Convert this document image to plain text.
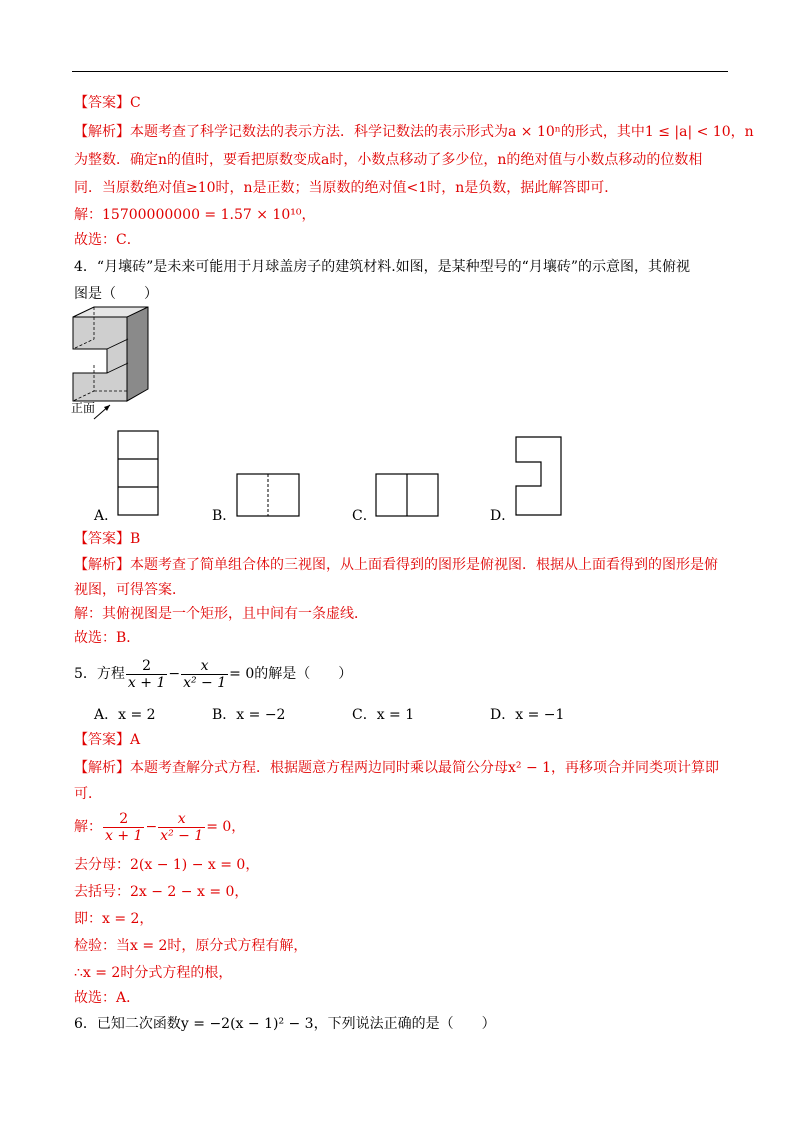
【答案】C
【解析】本题考查了科学记数法的表示方法．科学记数法的表示形式为a × 10ⁿ的形式，其中1 ≤ |a| < 10，n
为整数．确定n的值时，要看把原数变成a时，小数点移动了多少位，n的绝对值与小数点移动的位数相
同．当原数绝对值≥10时，n是正数；当原数的绝对值<1时，n是负数，据此解答即可．
解：15700000000 = 1.57 × 10¹⁰，
故选：C．
4．“月壤砖”是未来可能用于月球盖房子的建筑材料.如图，是某种型号的“月壤砖”的示意图，其俯视
图是（　　）
正面
A．	B．	C．	D．
【答案】B
【解析】本题考查了简单组合体的三视图，从上面看得到的图形是俯视图．根据从上面看得到的图形是俯
视图，可得答案．
解：其俯视图是一个矩形，且中间有一条虚线．
故选：B．
5．方程 $\frac{2}{x + 1} - \frac{x}{\text{x² − 1}} = 0$的解是（　　）
A．x = 2	B．x = −2	C．x = 1	D．x = −1
【答案】A
【解析】本题考查解分式方程．根据题意方程两边同时乘以最简公分母x² − 1，再移项合并同类项计算即
可．
解： $\frac{2}{x + 1} - \frac{x}{\text{x² − 1}} = 0$，
去分母：2(x − 1) − x = 0，
去括号：2x − 2 − x = 0，
即：x = 2，
检验：当x = 2时，原分式方程有解，
∴x = 2时分式方程的根，
故选：A．
6．已知二次函数y = −2(x − 1)² − 3，下列说法正确的是（　　）
